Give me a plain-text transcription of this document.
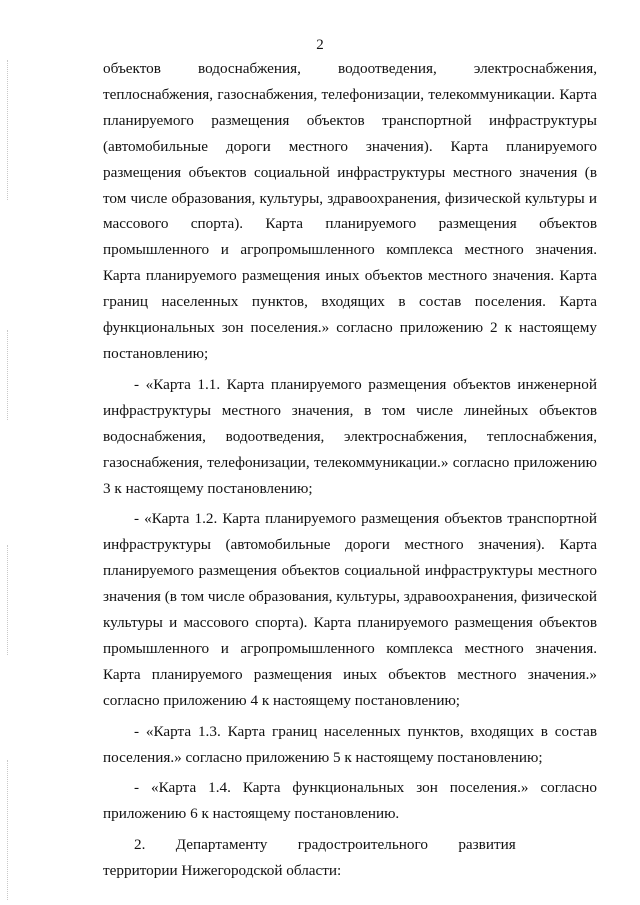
2

объектов водоснабжения, водоотведения, электроснабжения, теплоснабжения, газоснабжения, телефонизации, телекоммуникации. Карта планируемого размещения объектов транспортной инфраструктуры (автомобильные дороги местного значения). Карта планируемого размещения объектов социальной инфраструктуры местного значения (в том числе образования, культуры, здравоохранения, физической культуры и массового спорта). Карта планируемого размещения объектов промышленного и агропромышленного комплекса местного значения. Карта планируемого размещения иных объектов местного значения. Карта границ населенных пунктов, входящих в состав поселения. Карта функциональных зон поселения.» согласно приложению 2 к настоящему постановлению;

- «Карта 1.1. Карта планируемого размещения объектов инженерной инфраструктуры местного значения, в том числе линейных объектов водоснабжения, водоотведения, электроснабжения, теплоснабжения, газоснабжения, телефонизации, телекоммуникации.» согласно приложению 3 к настоящему постановлению;

- «Карта 1.2. Карта планируемого размещения объектов транспортной инфраструктуры (автомобильные дороги местного значения). Карта планируемого размещения объектов социальной инфраструктуры местного значения (в том числе образования, культуры, здравоохранения, физической культуры и массового спорта). Карта планируемого размещения объектов промышленного и агропромышленного комплекса местного значения. Карта планируемого размещения иных объектов местного значения.» согласно приложению 4 к настоящему постановлению;

- «Карта 1.3. Карта границ населенных пунктов, входящих в состав поселения.» согласно приложению 5 к настоящему постановлению;

- «Карта 1.4. Карта функциональных зон поселения.» согласно приложению 6 к настоящему постановлению.

2.  Департаменту  градостроительного  развития  территории Нижегородской области:
